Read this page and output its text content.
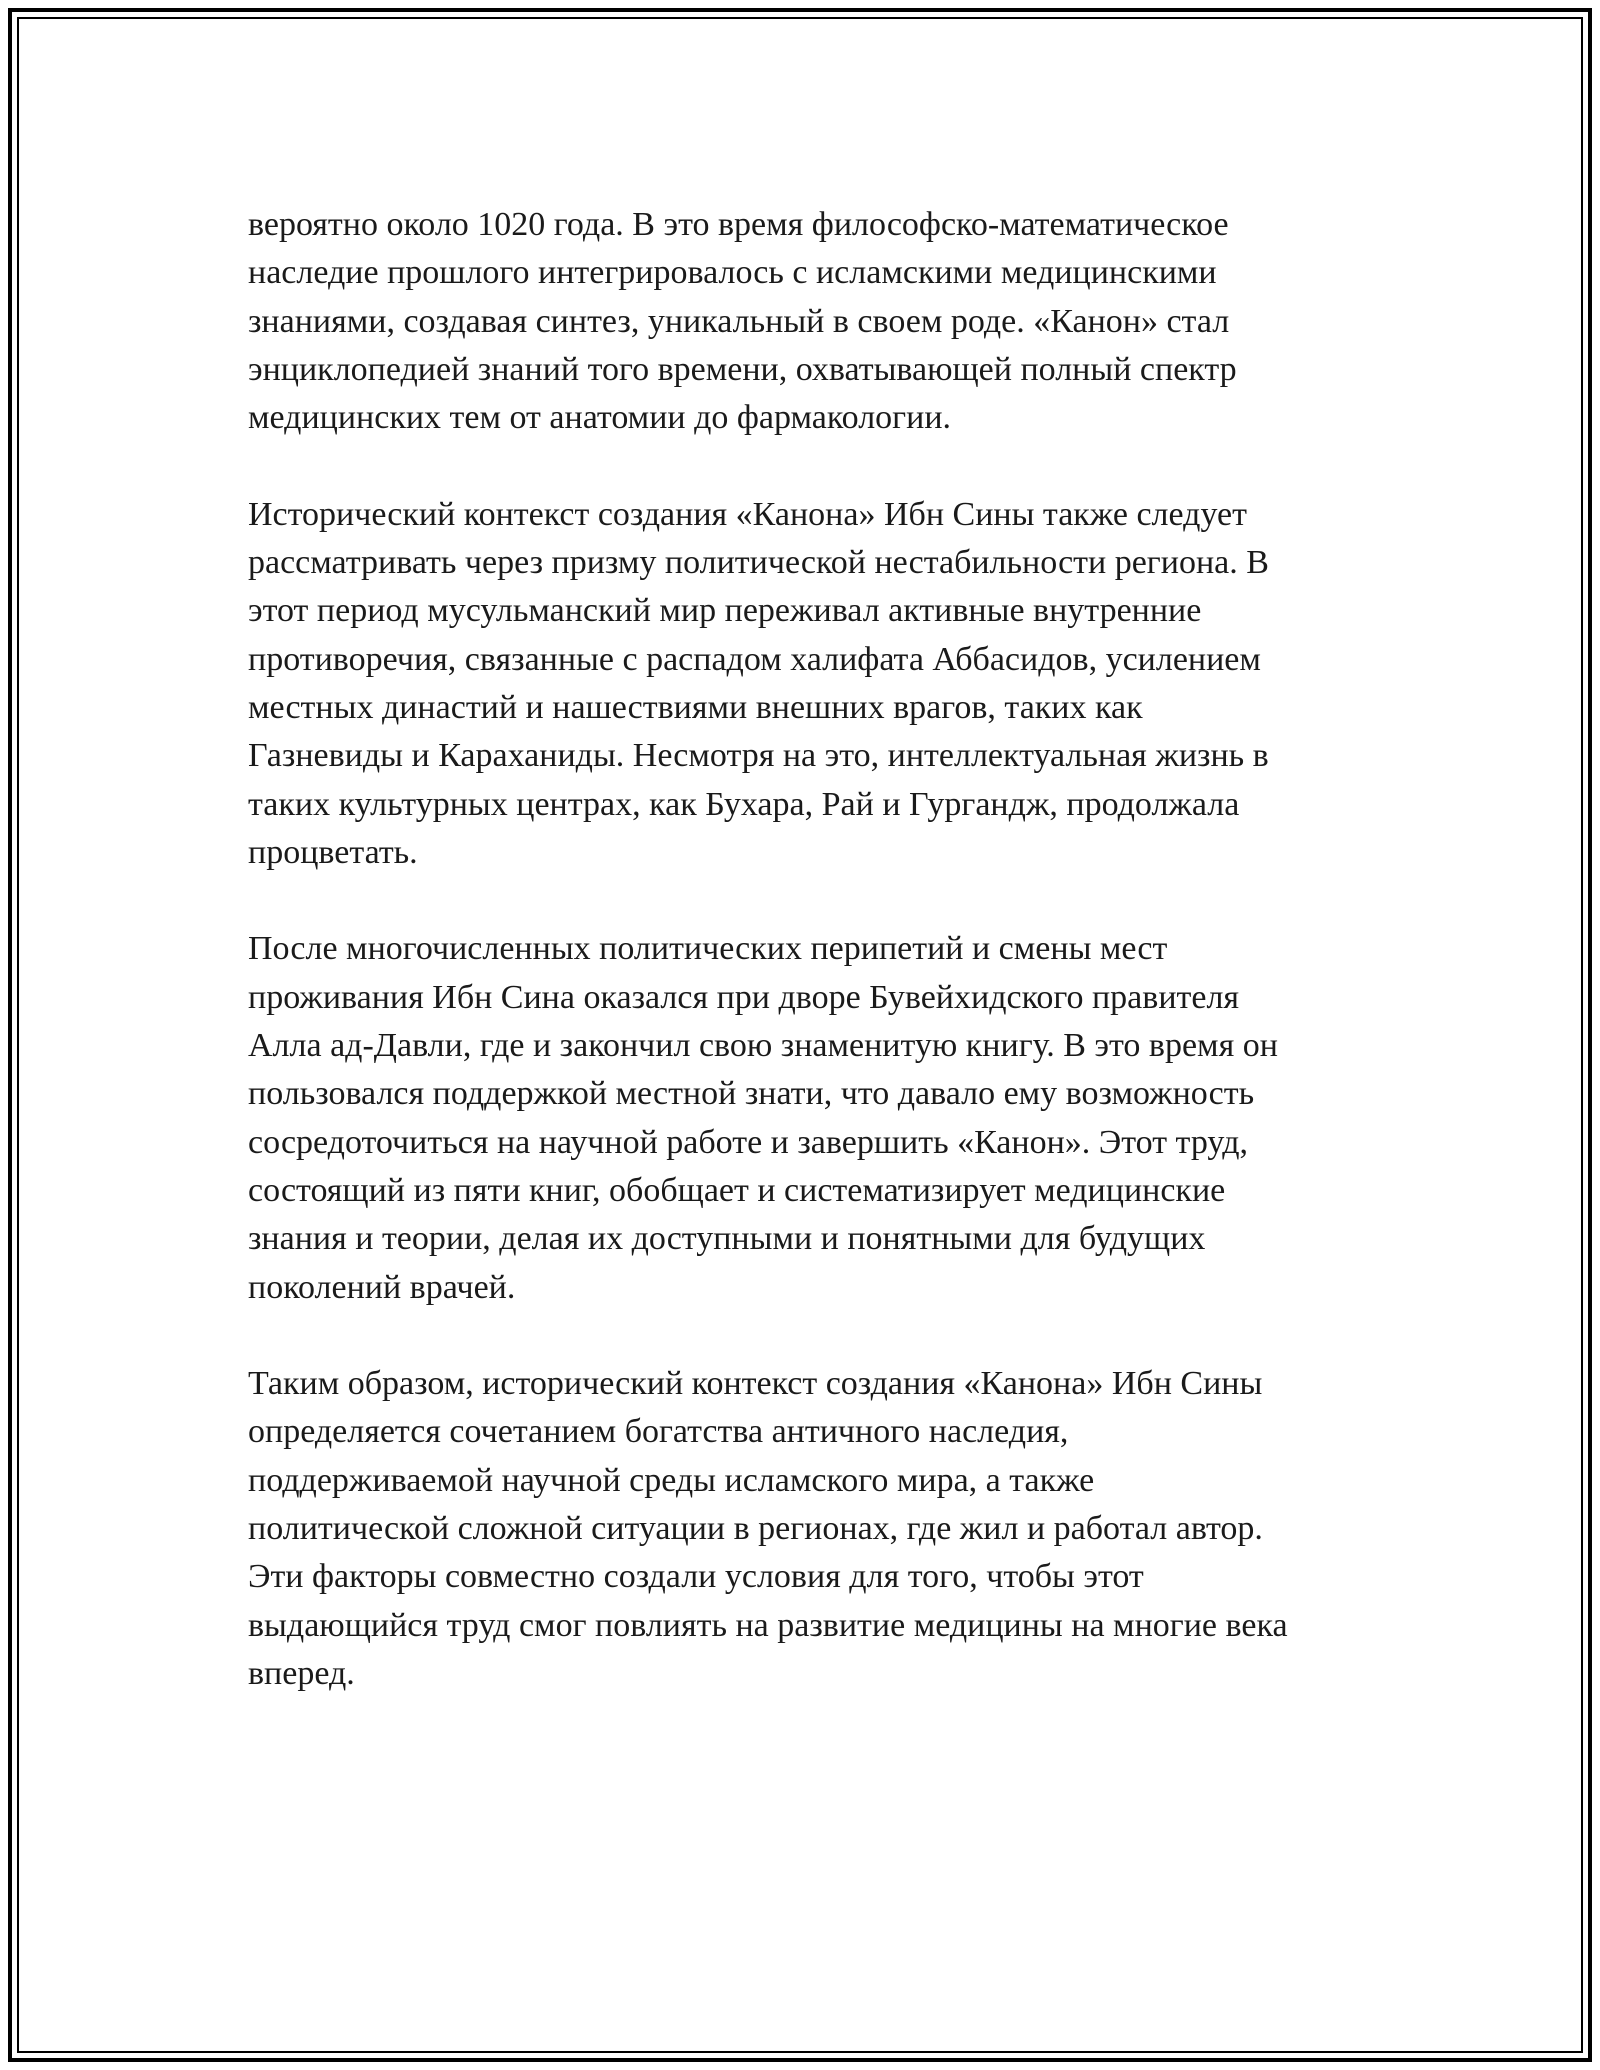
вероятно около 1020 года. В это время философско-математическое
наследие прошлого интегрировалось с исламскими медицинскими
знаниями, создавая синтез, уникальный в своем роде. «Канон» стал
энциклопедией знаний того времени, охватывающей полный спектр
медицинских тем от анатомии до фармакологии.

Исторический контекст создания «Канона» Ибн Сины также следует
рассматривать через призму политической нестабильности региона. В
этот период мусульманский мир переживал активные внутренние
противоречия, связанные с распадом халифата Аббасидов, усилением
местных династий и нашествиями внешних врагов, таких как
Газневиды и Караханиды. Несмотря на это, интеллектуальная жизнь в
таких культурных центрах, как Бухара, Рай и Гургандж, продолжала
процветать.

После многочисленных политических перипетий и смены мест
проживания Ибн Сина оказался при дворе Бувейхидского правителя
Алла ад-Давли, где и закончил свою знаменитую книгу. В это время он
пользовался поддержкой местной знати, что давало ему возможность
сосредоточиться на научной работе и завершить «Канон». Этот труд,
состоящий из пяти книг, обобщает и систематизирует медицинские
знания и теории, делая их доступными и понятными для будущих
поколений врачей.

Таким образом, исторический контекст создания «Канона» Ибн Сины
определяется сочетанием богатства античного наследия,
поддерживаемой научной среды исламского мира, а также
политической сложной ситуации в регионах, где жил и работал автор.
Эти факторы совместно создали условия для того, чтобы этот
выдающийся труд смог повлиять на развитие медицины на многие века
вперед.
